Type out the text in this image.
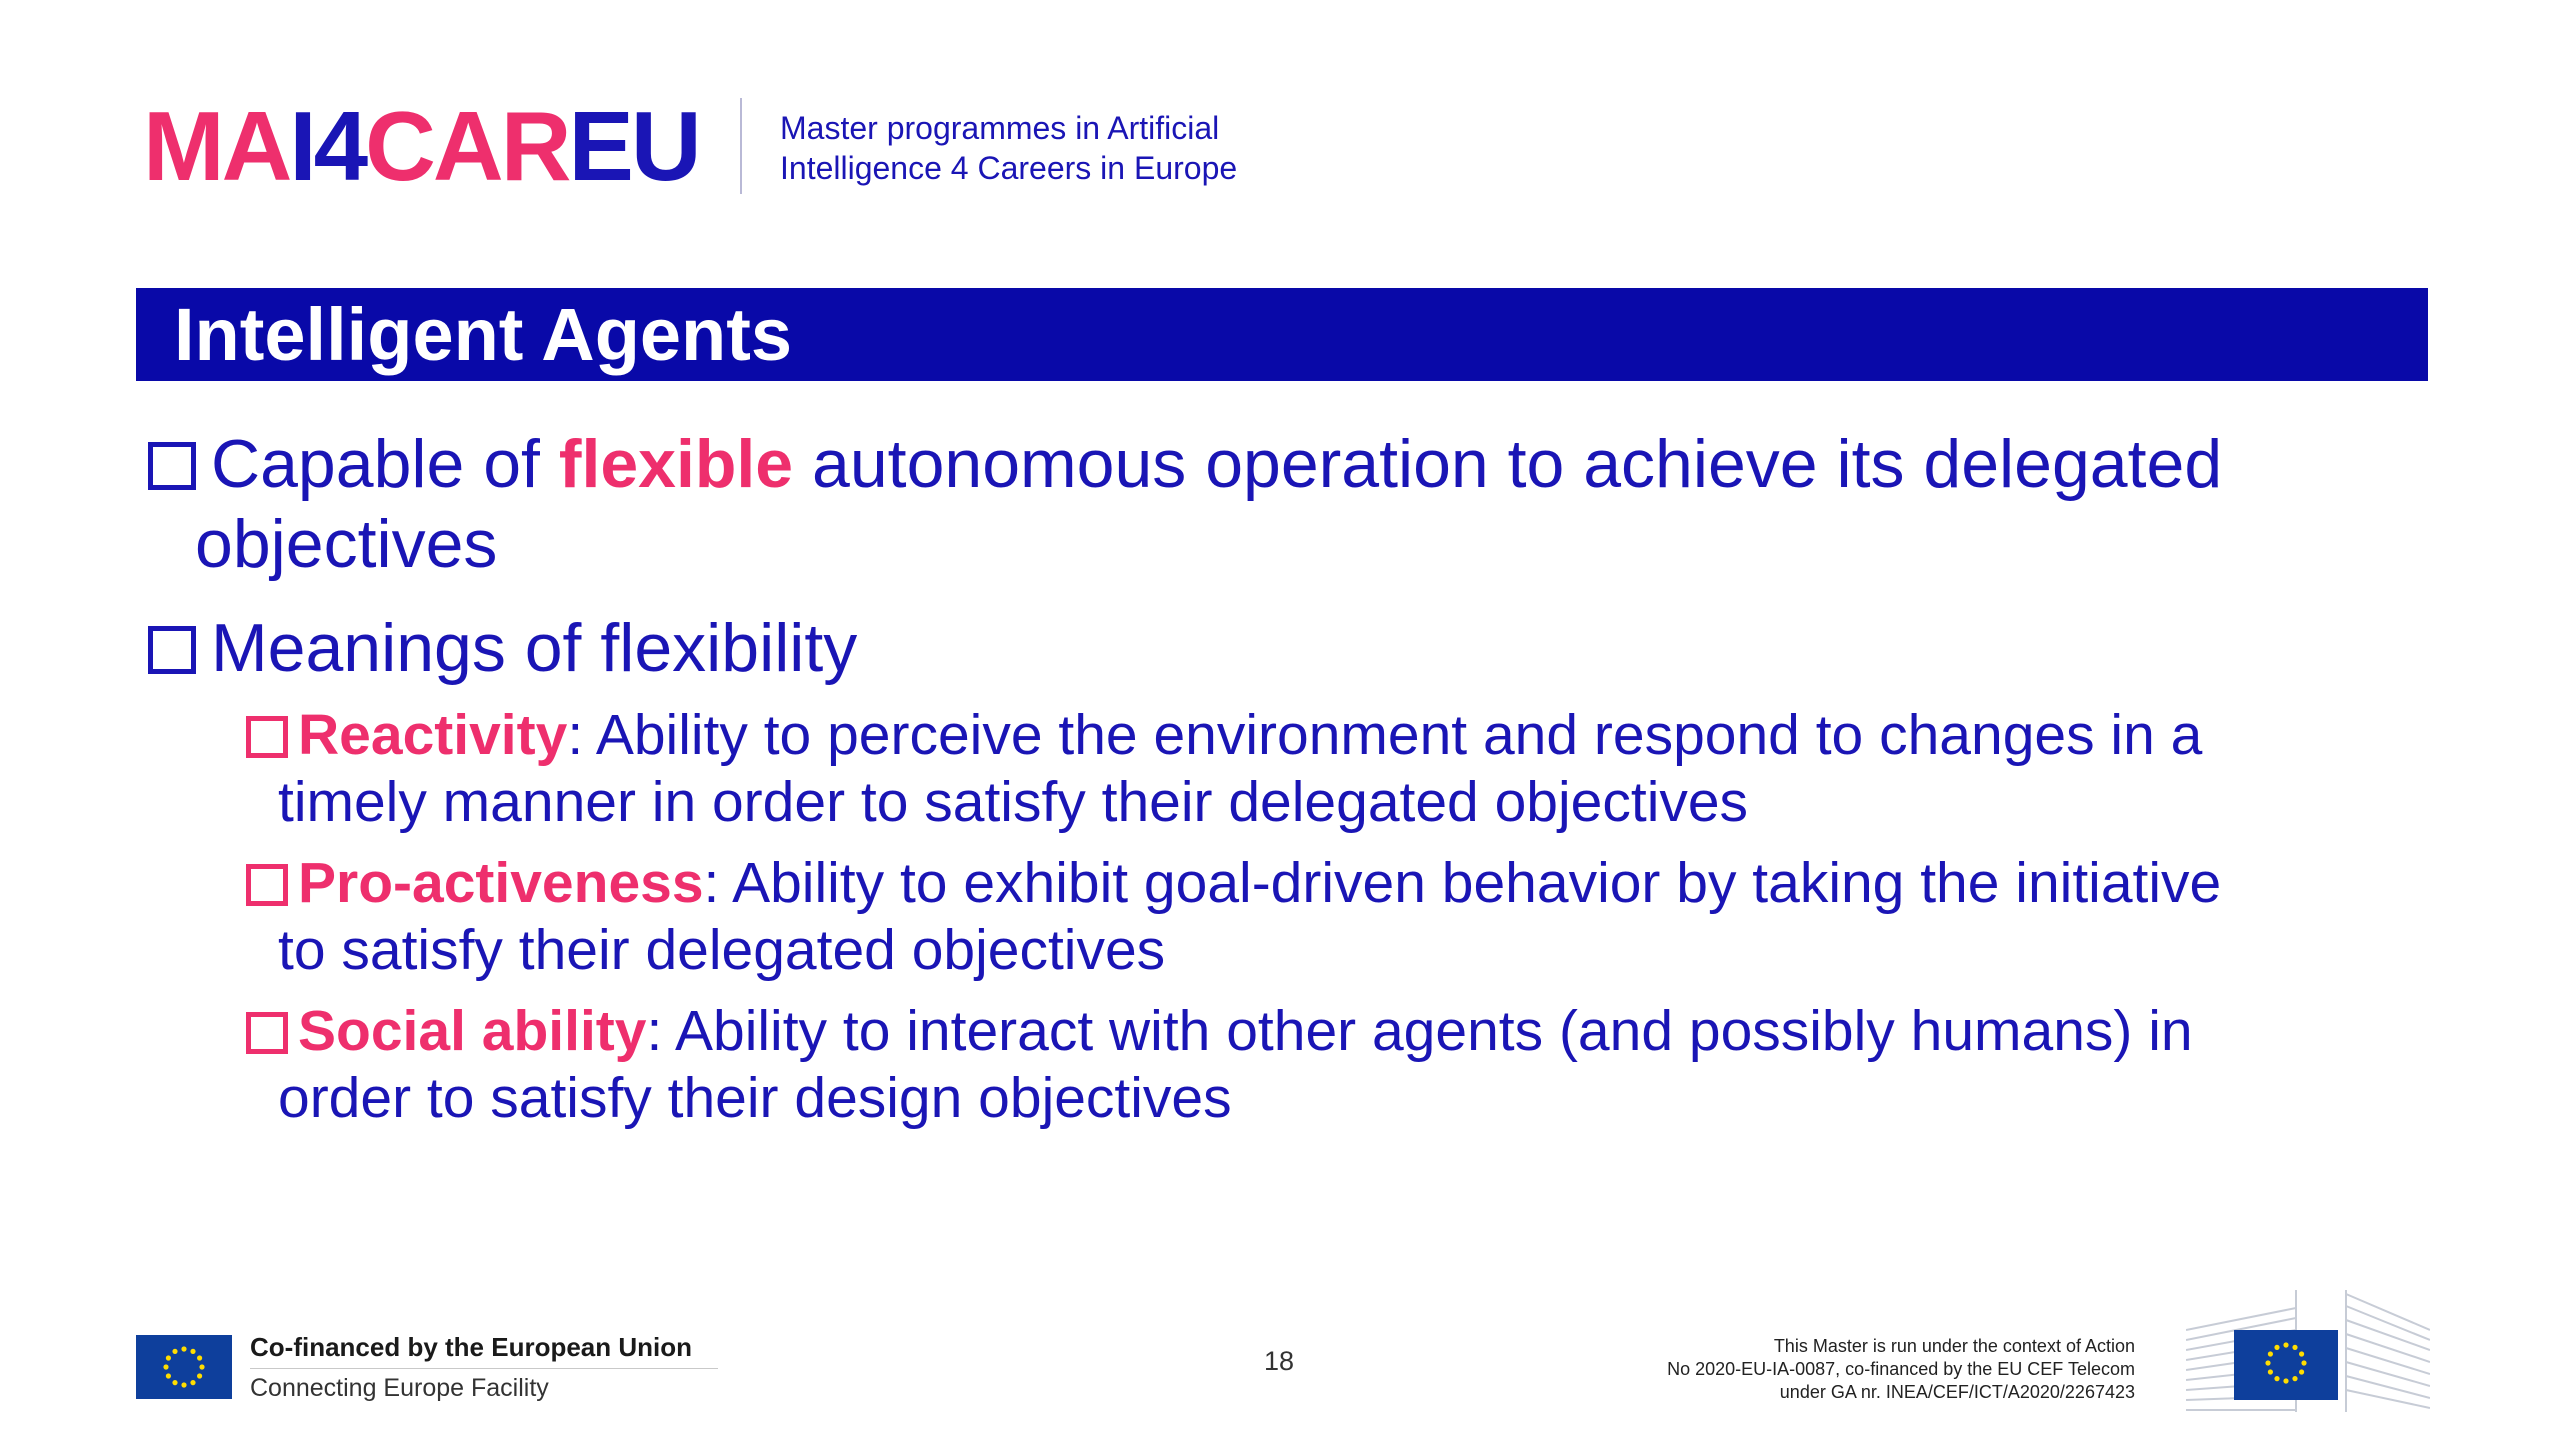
MAI4CAREU	Master programmes in Artificial
Intelligence 4 Careers in Europe
Intelligent Agents
Capable of flexible autonomous operation to achieve its delegated
objectives
Meanings of flexibility
Reactivity: Ability to perceive the environment and respond to changes in a
timely manner in order to satisfy their delegated objectives
Pro-activeness: Ability to exhibit goal-driven behavior by taking the initiative
to satisfy their delegated objectives
Social ability: Ability to interact with other agents (and possibly humans) in
order to satisfy their design objectives
Co-financed by the European Union
Connecting Europe Facility
18	This Master is run under the context of Action
No 2020-EU-IA-0087, co-financed by the EU CEF Telecom
under GA nr. INEA/CEF/ICT/A2020/2267423
